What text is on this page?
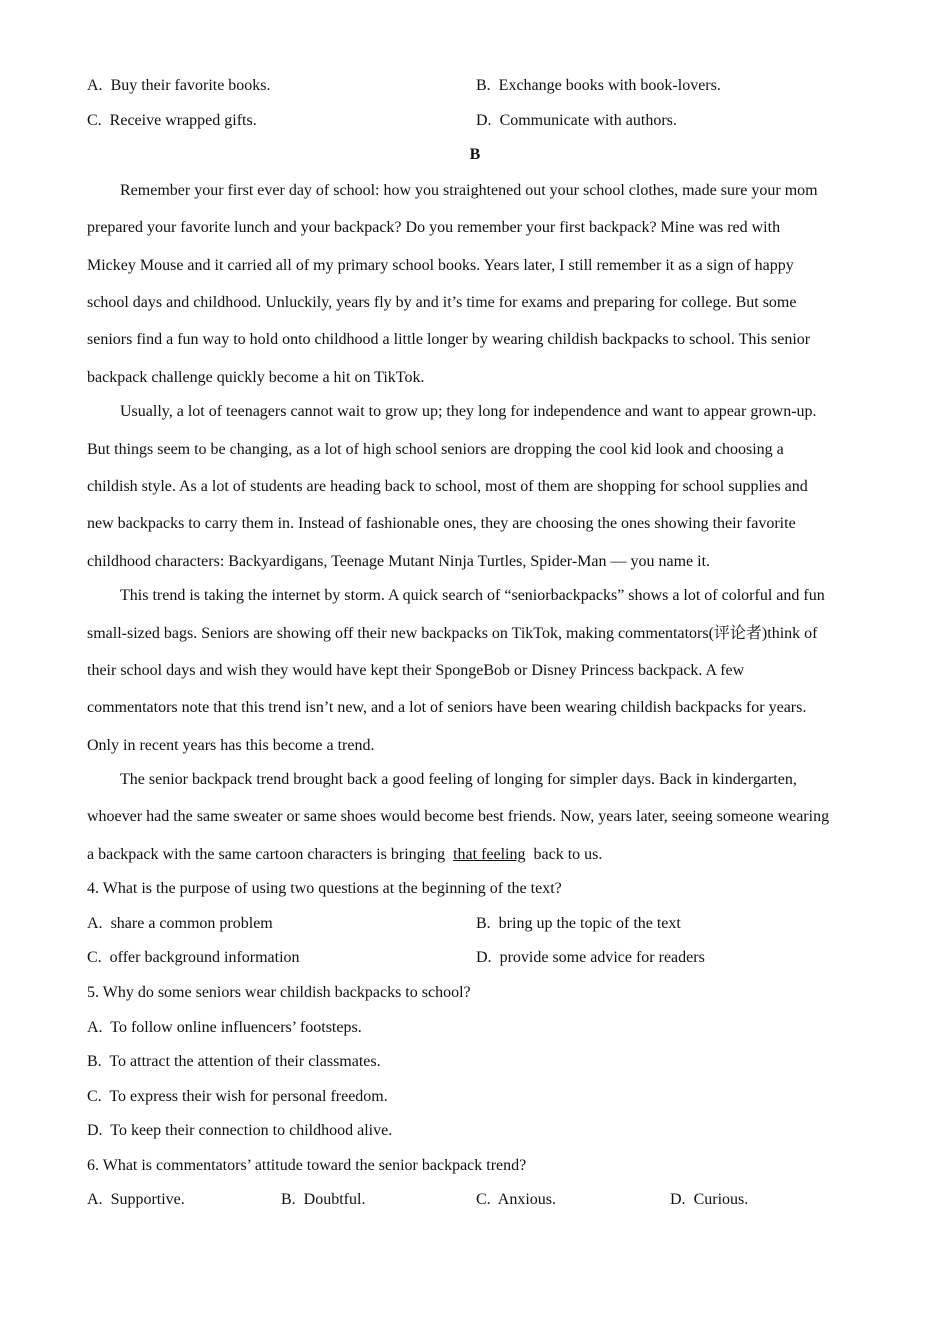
A. Buy their favorite books.	B. Exchange books with book-lovers.
C. Receive wrapped gifts.	D. Communicate with authors.
B
Remember your first ever day of school: how you straightened out your school clothes, made sure your mom
prepared your favorite lunch and your backpack? Do you remember your first backpack? Mine was red with
Mickey Mouse and it carried all of my primary school books. Years later, I still remember it as a sign of happy
school days and childhood. Unluckily, years fly by and it’s time for exams and preparing for college. But some
seniors find a fun way to hold onto childhood a little longer by wearing childish backpacks to school. This senior
backpack challenge quickly become a hit on TikTok.
Usually, a lot of teenagers cannot wait to grow up; they long for independence and want to appear grown-up.
But things seem to be changing, as a lot of high school seniors are dropping the cool kid look and choosing a
childish style. As a lot of students are heading back to school, most of them are shopping for school supplies and
new backpacks to carry them in. Instead of fashionable ones, they are choosing the ones showing their favorite
childhood characters: Backyardigans, Teenage Mutant Ninja Turtles, Spider-Man — you name it.
This trend is taking the internet by storm. A quick search of “seniorbackpacks” shows a lot of colorful and fun
small-sized bags. Seniors are showing off their new backpacks on TikTok, making commentators(评论者)think of
their school days and wish they would have kept their SpongeBob or Disney Princess backpack. A few
commentators note that this trend isn’t new, and a lot of seniors have been wearing childish backpacks for years.
Only in recent years has this become a trend.
The senior backpack trend brought back a good feeling of longing for simpler days. Back in kindergarten,
whoever had the same sweater or same shoes would become best friends. Now, years later, seeing someone wearing
a backpack with the same cartoon characters is bringing that feeling back to us.
4. What is the purpose of using two questions at the beginning of the text?
A. share a common problem	B. bring up the topic of the text
C. offer background information	D. provide some advice for readers
5. Why do some seniors wear childish backpacks to school?
A. To follow online influencers’ footsteps.
B. To attract the attention of their classmates.
C. To express their wish for personal freedom.
D. To keep their connection to childhood alive.
6. What is commentators’ attitude toward the senior backpack trend?
A. Supportive.	B. Doubtful.	C. Anxious.	D. Curious.
